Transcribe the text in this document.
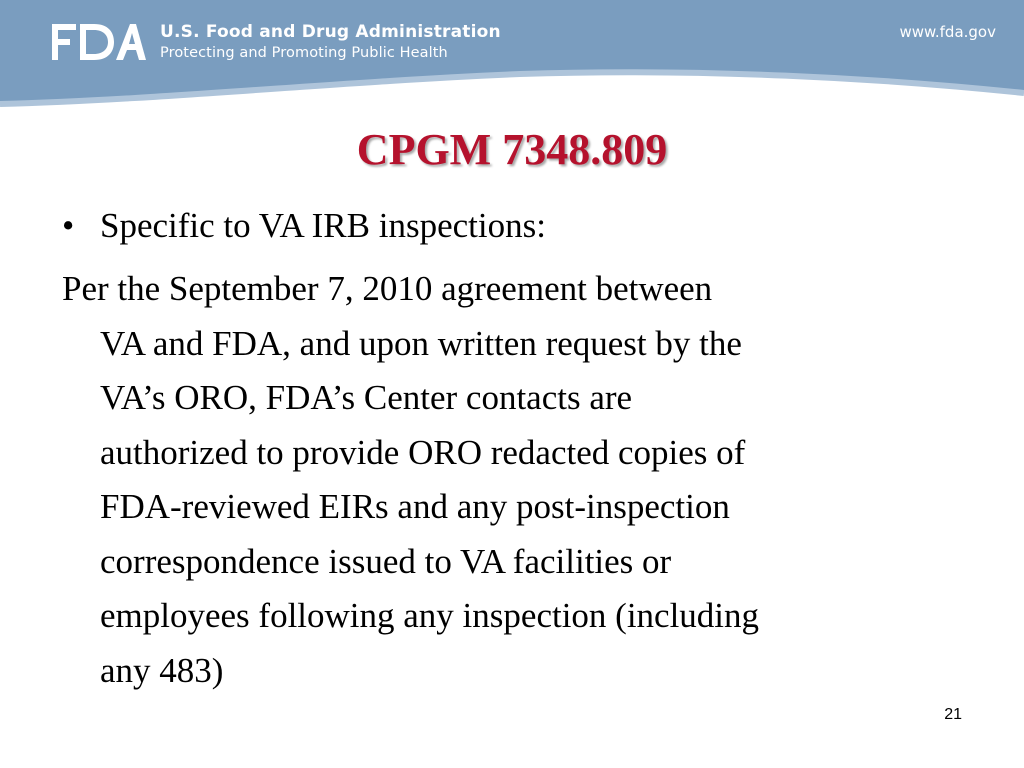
U.S. Food and Drug Administration
Protecting and Promoting Public Health
www.fda.gov
CPGM 7348.809
• Specific to VA IRB inspections:

Per the September 7, 2010 agreement between
VA and FDA, and upon written request by the
VA’s ORO, FDA’s Center contacts are
authorized to provide ORO redacted copies of
FDA-reviewed EIRs and any post-inspection
correspondence issued to VA facilities or
employees following any inspection (including
any 483)

21
